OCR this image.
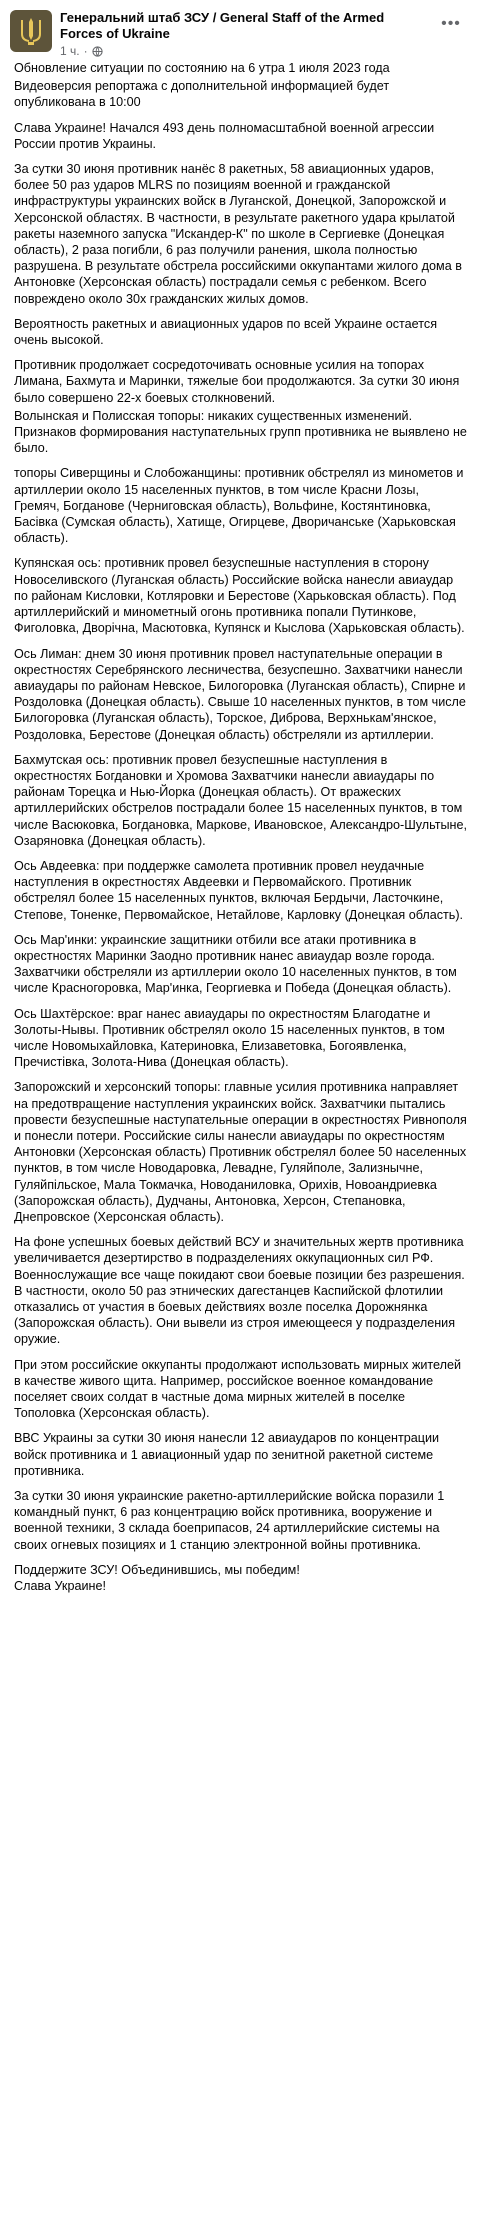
Генеральний штаб ЗСУ / General Staff of the Armed Forces of Ukraine
1 ч. ·
•••

Обновление ситуации по состоянию на 6 утра 1 июля 2023 года

Видеоверсия репортажа с дополнительной информацией будет опубликована в 10:00

Слава Украине! Начался 493 день полномасштабной военной агрессии России против Украины.

За сутки 30 июня противник нанёс 8 ракетных, 58 авиационных ударов, более 50 раз ударов MLRS по позициям военной и гражданской инфраструктуры украинских войск в Луганской, Донецкой, Запорожской и Херсонской областях. В частности, в результате ракетного удара крылатой ракеты наземного запуска "Искандер-К" по школе в Сергиевке (Донецкая область), 2 раза погибли, 6 раз получили ранения, школа полностью разрушена. В результате обстрела российскими оккупантами жилого дома в Антоновке (Херсонская область) пострадали семья с ребенком. Всего повреждено около 30х гражданских жилых домов.

Вероятность ракетных и авиационных ударов по всей Украине остается очень высокой.

Противник продолжает сосредоточивать основные усилия на топорах Лимана, Бахмута и Маринки, тяжелые бои продолжаются. За сутки 30 июня было совершено 22-х боевых столкновений.

Волынская и Полисская топоры: никаких существенных изменений. Признаков формирования наступательных групп противника не выявлено не было.

топоры Сиверщины и Слобожанщины: противник обстрелял из минометов и артиллерии около 15 населенных пунктов, в том числе Красни Лозы, Гремяч, Богданове (Черниговская область), Вольфине, Костянтиновка, Басівка (Сумская область), Хатище, Огирцеве, Дворичанське (Харьковская область).

Купянская ось: противник провел безуспешные наступления в сторону Новоселивского (Луганская область) Российские войска нанесли авиаудар по районам Кисловки, Котляровки и Берестове (Харьковская область). Под артиллерийский и минометный огонь противника попали Путинкове, Фиголовка, Дворічна, Масютовка, Купянск и Кыслова (Харьковская область).

Ось Лиман: днем 30 июня противник провел наступательные операции в окрестностях Серебрянского лесничества, безуспешно. Захватчики нанесли авиаудары по районам Невское, Билогоровка (Луганская область), Спирне и Роздоловка (Донецкая область). Свыше 10 населенных пунктов, в том числе Билогоровка (Луганская область), Торское, Диброва, Верхнькам'янское, Роздоловка, Берестове (Донецкая область) обстреляли из артиллерии.

Бахмутская ось: противник провел безуспешные наступления в окрестностях Богдановки и Хромова Захватчики нанесли авиаудары по районам Торецка и Нью-Йорка (Донецкая область). От вражеских артиллерийских обстрелов пострадали более 15 населенных пунктов, в том числе Васюковка, Богдановка, Маркове, Ивановское, Александро-Шультыне, Озаряновка (Донецкая область).

Ось Авдеевка: при поддержке самолета противник провел неудачные наступления в окрестностях Авдеевки и Первомайского. Противник обстрелял более 15 населенных пунктов, включая Бердычи, Ласточкине, Степове, Тоненке, Первомайское, Нетайлове, Карловку (Донецкая область).

Ось Мар'инки: украинские защитники отбили все атаки противника в окрестностях Маринки Заодно противник нанес авиаудар возле города. Захватчики обстреляли из артиллерии около 10 населенных пунктов, в том числе Красногоровка, Мар'инка, Георгиевка и Победа (Донецкая область).

Ось Шахтёрское: враг нанес авиаудары по окрестностям Благодатне и Золоты-Нывы. Противник обстрелял около 15 населенных пунктов, в том числе Новомыхайловка, Катериновка, Елизаветовка, Богоявленка, Пречистівка, Золота-Нива (Донецкая область).

Запорожский и херсонский топоры: главные усилия противника направляет на предотвращение наступления украинских войск. Захватчики пытались провести безуспешные наступательные операции в окрестностях Ривнополя и понесли потери. Российские силы нанесли авиаудары по окрестностям Антоновки (Херсонская область) Противник обстрелял более 50 населенных пунктов, в том числе Новодаровка, Левадне, Гуляйполе, Зализнычне, Гуляйпільское, Мала Токмачка, Новоданиловка, Орихів, Новоандриевка (Запорожская область), Дудчаны, Антоновка, Херсон, Степановка, Днепровское (Херсонская область).

На фоне успешных боевых действий ВСУ и значительных жертв противника увеличивается дезертирство в подразделениях оккупационных сил РФ. Военнослужащие все чаще покидают свои боевые позиции без разрешения. В частности, около 50 раз этнических дагестанцев Каспийской флотилии отказались от участия в боевых действиях возле поселка Дорожнянка (Запорожская область). Они вывели из строя имеющееся у подразделения оружие.

При этом российские оккупанты продолжают использовать мирных жителей в качестве живого щита. Например, российское военное командование поселяет своих солдат в частные дома мирных жителей в поселке Тополовка (Херсонская область).

ВВС Украины за сутки 30 июня нанесли 12 авиаударов по концентрации войск противника и 1 авиационный удар по зенитной ракетной системе противника.

За сутки 30 июня украинские ракетно-артиллерийские войска поразили 1 командный пункт, 6 раз концентрацию войск противника, вооружение и военной техники, 3 склада боеприпасов, 24 артиллерийские системы на своих огневых позициях и 1 станцию электронной войны противника.

Поддержите ЗСУ! Объединившись, мы победим!
Слава Украине!
